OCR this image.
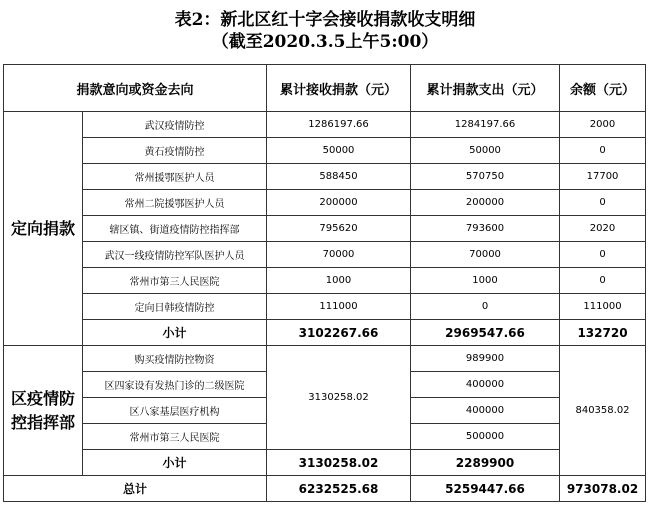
表2：新北区红十字会接收捐款收支明细
（截至2020.3.5上午5:00）
捐款意向或资金去向		累计接收捐款（元）	累计捐款支出（元）	余额（元）
定向捐款	武汉疫情防控	1286197.66	1284197.66	2000
	黄石疫情防控	50000	50000	0
	常州援鄂医护人员	588450	570750	17700
	常州二院援鄂医护人员	200000	200000	0
	辖区镇、街道疫情防控指挥部	795620	793600	2020
	武汉一线疫情防控军队医护人员	70000	70000	0
	常州市第三人民医院	1000	1000	0
	定向日韩疫情防控	111000	0	111000
	小计	3102267.66	2969547.66	132720
区疫情防控指挥部	购买疫情防控物资	3130258.02	989900	840358.02
	区四家设有发热门诊的二级医院		400000	
	区八家基层医疗机构		400000	
	常州市第三人民医院		500000	
	小计	3130258.02	2289900	
总计		6232525.68	5259447.66	973078.02
